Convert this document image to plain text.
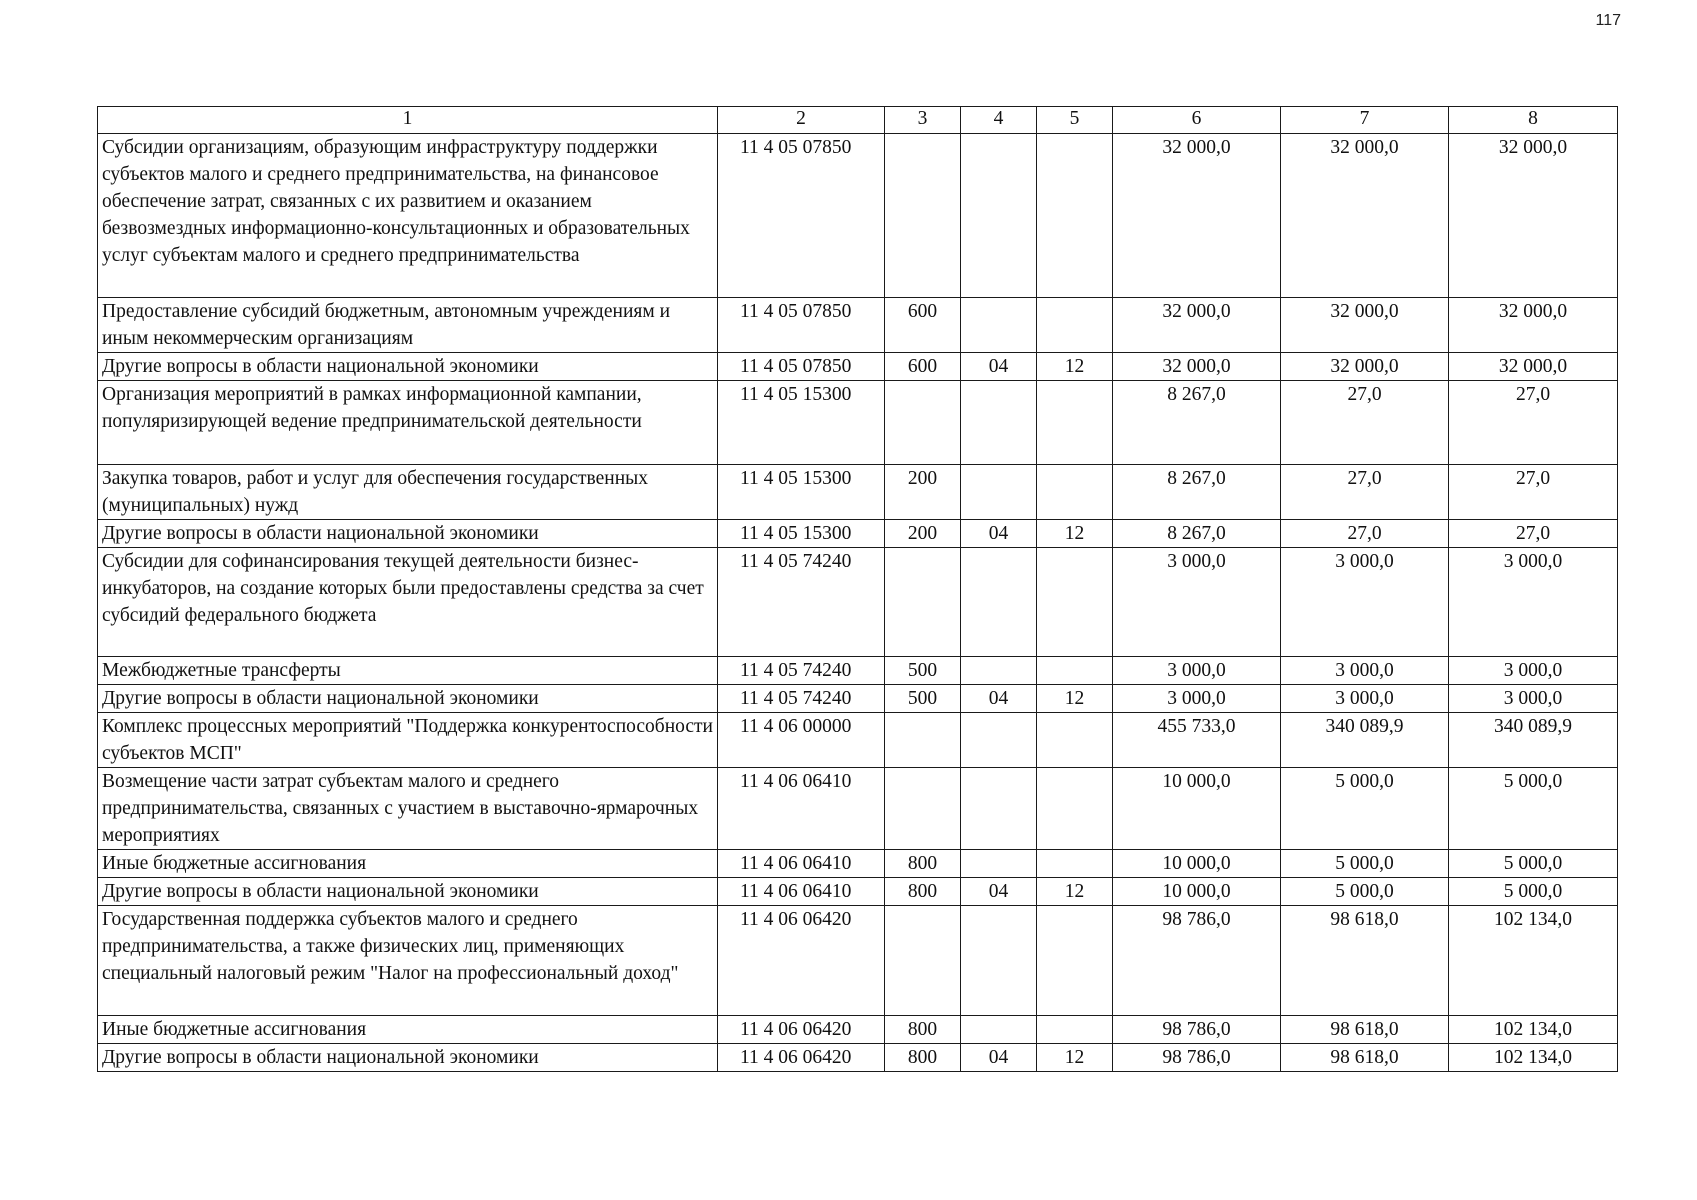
117
1	2	3	4	5	6	7	8
Субсидии организациям, образующим инфраструктуру поддержки субъектов малого и среднего предпринимательства, на финансовое обеспечение затрат, связанных с их развитием и оказанием безвозмездных информационно-консультационных и образовательных услуг субъектам малого и среднего предпринимательства	11 4 05 07850				32 000,0	32 000,0	32 000,0
Предоставление субсидий бюджетным, автономным учреждениям и иным некоммерческим организациям	11 4 05 07850	600			32 000,0	32 000,0	32 000,0
Другие вопросы в области национальной экономики	11 4 05 07850	600	04	12	32 000,0	32 000,0	32 000,0
Организация мероприятий в рамках информационной кампании, популяризирующей ведение предпринимательской деятельности	11 4 05 15300				8 267,0	27,0	27,0
Закупка товаров, работ и услуг для обеспечения государственных (муниципальных) нужд	11 4 05 15300	200			8 267,0	27,0	27,0
Другие вопросы в области национальной экономики	11 4 05 15300	200	04	12	8 267,0	27,0	27,0
Субсидии для софинансирования текущей деятельности бизнес-инкубаторов, на создание которых были предоставлены средства за счет субсидий федерального бюджета	11 4 05 74240				3 000,0	3 000,0	3 000,0
Межбюджетные трансферты	11 4 05 74240	500			3 000,0	3 000,0	3 000,0
Другие вопросы в области национальной экономики	11 4 05 74240	500	04	12	3 000,0	3 000,0	3 000,0
Комплекс процессных мероприятий "Поддержка конкурентоспособности субъектов МСП"	11 4 06 00000				455 733,0	340 089,9	340 089,9
Возмещение части затрат субъектам малого и среднего предпринимательства, связанных с участием в выставочно-ярмарочных мероприятиях	11 4 06 06410				10 000,0	5 000,0	5 000,0
Иные бюджетные ассигнования	11 4 06 06410	800			10 000,0	5 000,0	5 000,0
Другие вопросы в области национальной экономики	11 4 06 06410	800	04	12	10 000,0	5 000,0	5 000,0
Государственная поддержка субъектов малого и среднего предпринимательства, а также физических лиц, применяющих специальный налоговый режим "Налог на профессиональный доход"	11 4 06 06420				98 786,0	98 618,0	102 134,0
Иные бюджетные ассигнования	11 4 06 06420	800			98 786,0	98 618,0	102 134,0
Другие вопросы в области национальной экономики	11 4 06 06420	800	04	12	98 786,0	98 618,0	102 134,0
